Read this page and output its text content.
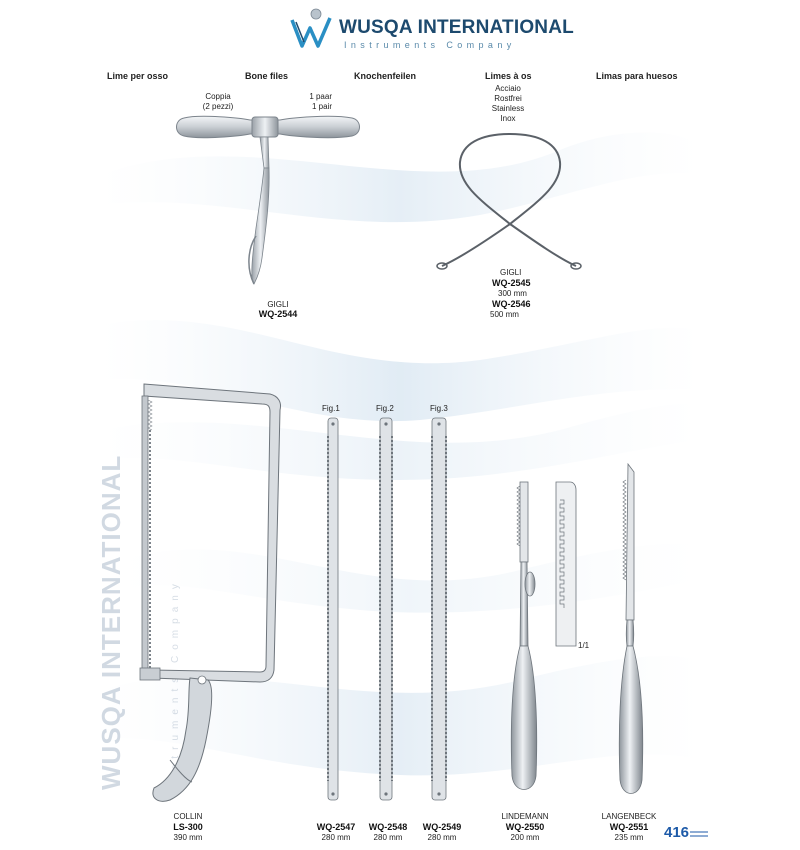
WUSQA INTERNATIONAL
Instruments Company
Lime per osso	Bone files	Knochenfeilen	Limes à os	Limas para huesos
Coppia
(2 pezzi)
1 paar
1 pair
GIGLI
WQ-2544
Acciaio
Rostfrei
Stainless
Inox
GIGLI
WQ-2545
300 mm
WQ-2546
500 mm
WUSQA INTERNATIONAL	Instruments Company
COLLIN
LS-300
390 mm
Fig.1	Fig.2	Fig.3
WQ-2547
280 mm
WQ-2548
280 mm
WQ-2549
280 mm
1/1
LINDEMANN
WQ-2550
200 mm
LANGENBECK
WQ-2551
235 mm	416
